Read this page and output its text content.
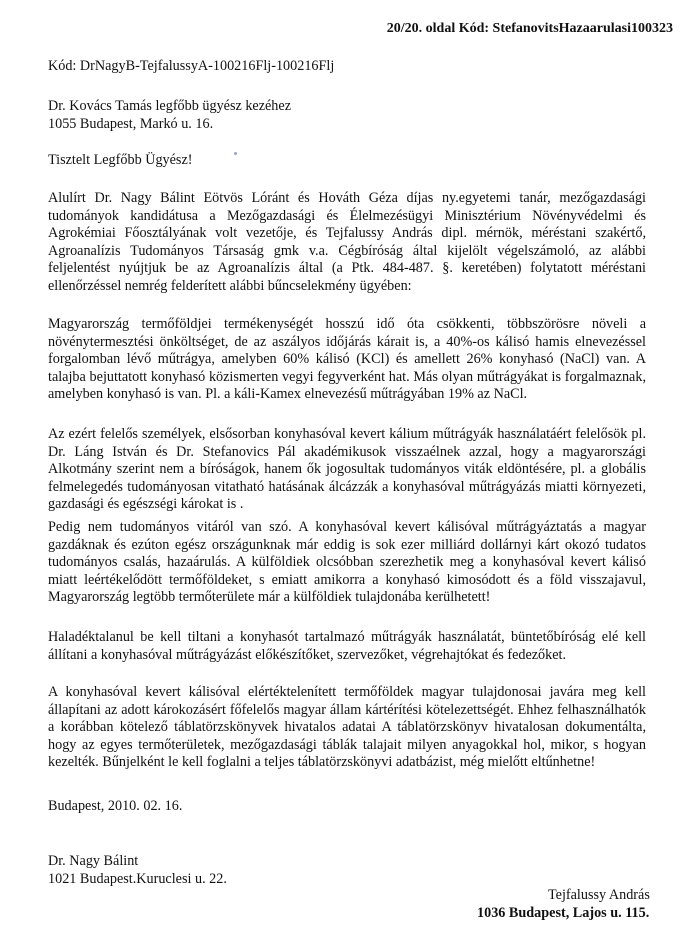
20/20. oldal Kód: StefanovitsHazaarulasi100323
Kód: DrNagyB-TejfalussyA-100216Flj-100216Flj
Dr. Kovács Tamás legfőbb ügyész kezéhez
1055 Budapest, Markó u. 16.
Tisztelt Legfőbb Ügyész!
Alulírt Dr. Nagy Bálint Eötvös Lóránt és Hováth Géza díjas ny.egyetemi tanár, mezőgazdasági tudományok kandidátusa a Mezőgazdasági és Élelmezésügyi Minisztérium Növényvédelmi és Agrokémiai Főosztályának volt vezetője, és Tejfalussy András dipl. mérnök, méréstani szakértő, Agroanalízis Tudományos Társaság gmk v.a. Cégbíróság által kijelölt végelszámoló, az alábbi feljelentést nyújtjuk be az Agroanalízis által (a Ptk. 484-487. §. keretében) folytatott méréstani ellenőrzéssel nemrég felderített alábbi bűncselekmény ügyében:
Magyarország termőföldjei termékenységét hosszú idő óta csökkenti, többszörösre növeli a növénytermesztési önköltséget, de az aszályos időjárás kárait is, a 40%-os kálisó hamis elnevezéssel forgalomban lévő műtrágya, amelyben 60% kálisó (KCl) és amellett 26% konyhasó (NaCl) van. A talajba bejuttatott konyhasó közismerten vegyi fegyverként hat. Más olyan műtrágyákat is forgalmaznak, amelyben konyhasó is van. Pl. a káli-Kamex elnevezésű műtrágyában 19% az NaCl.
Az ezért felelős személyek, elsősorban konyhasóval kevert kálium műtrágyák használatáért felelősök pl. Dr. Láng István és Dr. Stefanovics Pál akadémikusok visszaélnek azzal, hogy a magyarországi Alkotmány szerint nem a bíróságok, hanem ők jogosultak tudományos viták eldöntésére, pl. a globális felmelegedés tudományosan vitatható hatásának álcázzák a konyhasóval műtrágyázás miatti környezeti, gazdasági és egészségi károkat is .
Pedig nem tudományos vitáról van szó. A konyhasóval kevert kálisóval műtrágyáztatás a magyar gazdáknak és ezúton egész országunknak már eddig is sok ezer milliárd dollárnyi kárt okozó tudatos tudományos csalás, hazaárulás. A külföldiek olcsóbban szerezhetik meg a konyhasóval kevert kálisó miatt leértékelődött termőföldeket, s emiatt amikorra a konyhasó kimosódott és a föld visszajavul, Magyarország legtöbb termőterülete már a külföldiek tulajdonába kerülhetett!
Haladéktalanul be kell tiltani a konyhasót tartalmazó műtrágyák használatát, büntetőbíróság elé kell állítani a konyhasóval műtrágyázást előkészítőket, szervezőket, végrehajtókat és fedezőket.
A konyhasóval kevert kálisóval elértéktelenített termőföldek magyar tulajdonosai javára meg kell állapítani az adott károkozásért főfelelős magyar állam kártérítési kötelezettségét. Ehhez felhasználhatók a korábban kötelező táblatörzskönyvek hivatalos adatai A táblatörzskönyv hivatalosan dokumentálta, hogy az egyes termőterületek, mezőgazdasági táblák talajait milyen anyagokkal hol, mikor, s hogyan kezelték. Bűnjelként le kell foglalni a teljes táblatörzskönyvi adatbázist, még mielőtt eltűnhetne!
Budapest, 2010. 02. 16.
Dr. Nagy Bálint
1021 Budapest.Kuruclesi u. 22.
Tejfalussy András
1036 Budapest, Lajos u. 115.
